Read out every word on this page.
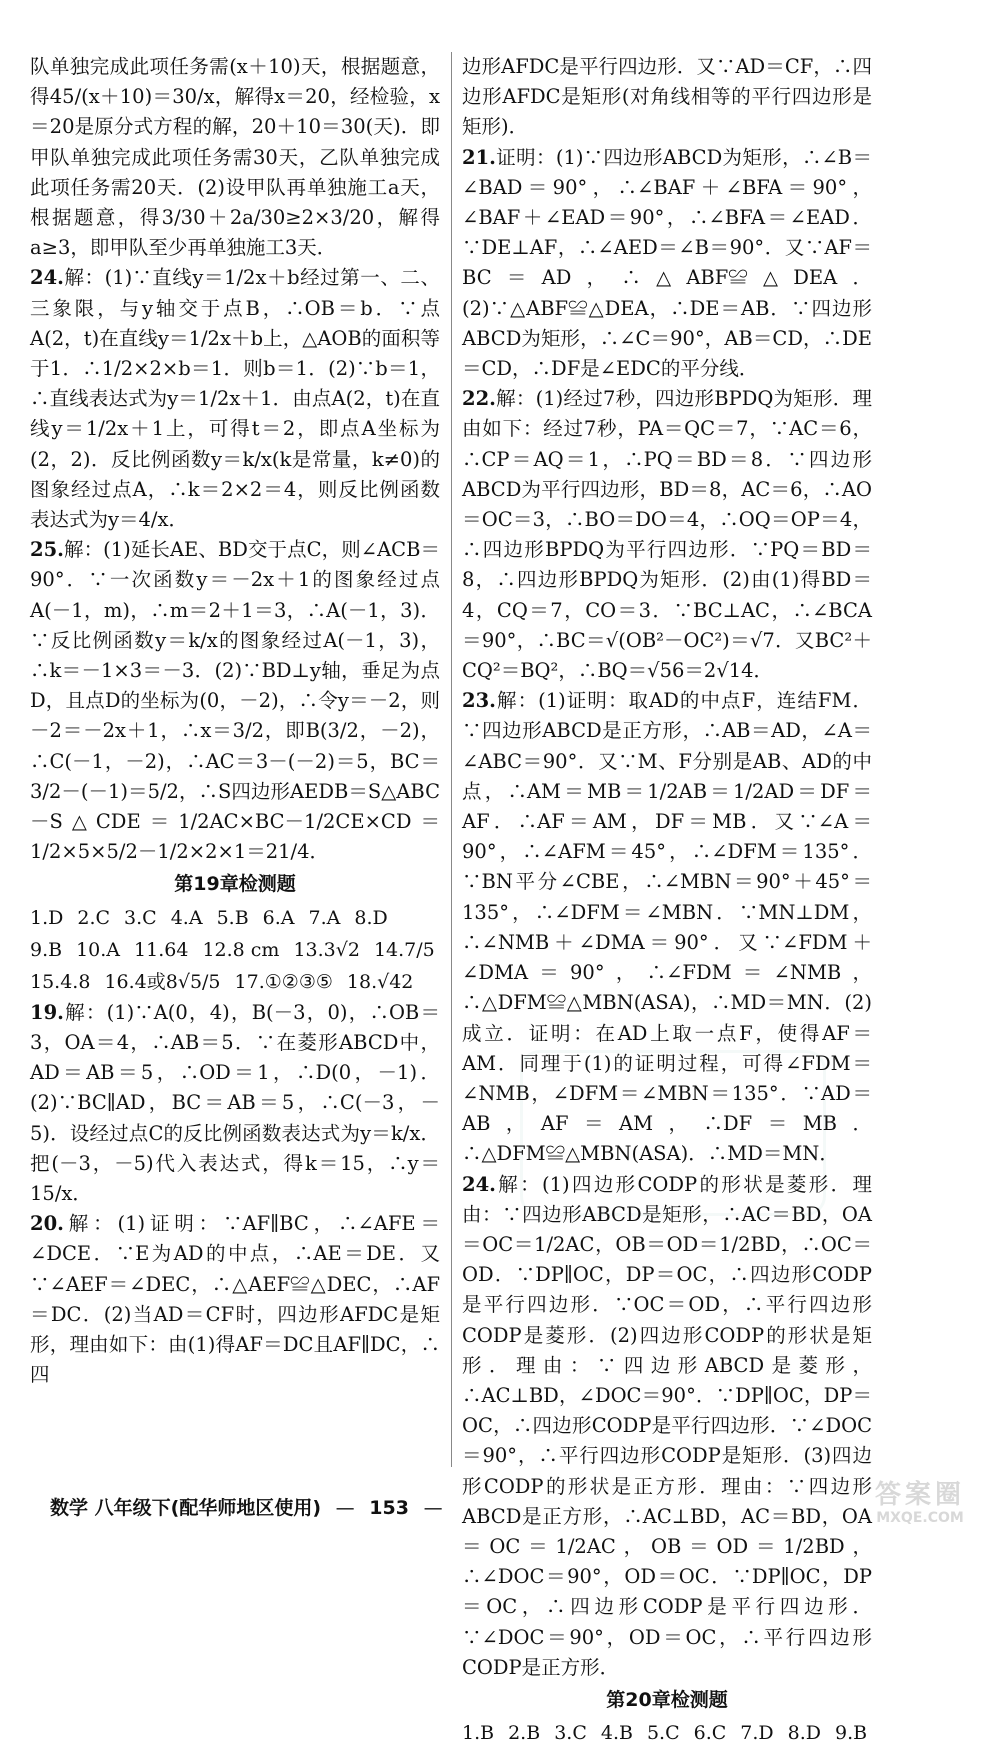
队单独完成此项任务需(x＋10)天，根据题意，得45/(x＋10)＝30/x，解得x＝20，经检验，x＝20是原分式方程的解，20＋10＝30(天)．即甲队单独完成此项任务需30天，乙队单独完成此项任务需20天．(2)设甲队再单独施工a天，根据题意，得3/30＋2a/30≥2×3/20，解得a≥3，即甲队至少再单独施工3天．

24.解：(1)∵直线y＝1/2x＋b经过第一、二、三象限，与y轴交于点B，∴OB＝b．∵点A(2，t)在直线y＝1/2x＋b上，△AOB的面积等于1．∴1/2×2×b＝1．则b＝1．(2)∵b＝1，∴直线表达式为y＝1/2x＋1．由点A(2，t)在直线y＝1/2x＋1上，可得t＝2，即点A坐标为(2，2)．反比例函数y＝k/x(k是常量，k≠0)的图象经过点A，∴k＝2×2＝4，则反比例函数表达式为y＝4/x．

25.解：(1)延长AE、BD交于点C，则∠ACB＝90°．∵一次函数y＝－2x＋1的图象经过点A(－1，m)，∴m＝2＋1＝3，∴A(－1，3)．∵反比例函数y＝k/x的图象经过A(－1，3)，∴k＝－1×3＝－3．(2)∵BD⊥y轴，垂足为点D，且点D的坐标为(0，－2)，∴令y＝－2，则－2＝－2x＋1，∴x＝3/2，即B(3/2，－2)，∴C(－1，－2)，∴AC＝3－(－2)＝5，BC＝3/2－(－1)＝5/2，∴S四边形AEDB＝S△ABC－S△CDE＝1/2AC×BC－1/2CE×CD＝1/2×5×5/2－1/2×2×1＝21/4．

第19章检测题
1.D 2.C 3.C 4.A 5.B 6.A 7.A 8.D
9.B 10.A 11.64 12.8 cm 13.3√2 14.7/5
15.4.8 16.4或8√5/5 17.①②③⑤ 18.√42

19.解：(1)∵A(0，4)，B(－3，0)，∴OB＝3，OA＝4，∴AB＝5．∵在菱形ABCD中，AD＝AB＝5，∴OD＝1，∴D(0，－1)．(2)∵BC∥AD，BC＝AB＝5，∴C(－3，－5)．设经过点C的反比例函数表达式为y＝k/x．把(－3，－5)代入表达式，得k＝15，∴y＝15/x．

20.解：(1)证明：∵AF∥BC，∴∠AFE＝∠DCE．∵E为AD的中点，∴AE＝DE．又∵∠AEF＝∠DEC，∴△AEF≌△DEC，∴AF＝DC．(2)当AD＝CF时，四边形AFDC是矩形，理由如下：由(1)得AF＝DC且AF∥DC，∴四

边形AFDC是平行四边形．又∵AD＝CF，∴四边形AFDC是矩形(对角线相等的平行四边形是矩形)．

21.证明：(1)∵四边形ABCD为矩形，∴∠B＝∠BAD＝90°，∴∠BAF＋∠BFA＝90°，∠BAF＋∠EAD＝90°，∴∠BFA＝∠EAD．∵DE⊥AF，∴∠AED＝∠B＝90°．又∵AF＝BC＝AD，∴△ABF≌△DEA．(2)∵△ABF≌△DEA，∴DE＝AB．∵四边形ABCD为矩形，∴∠C＝90°，AB＝CD，∴DE＝CD，∴DF是∠EDC的平分线．

22.解：(1)经过7秒，四边形BPDQ为矩形．理由如下：经过7秒，PA＝QC＝7，∵AC＝6，∴CP＝AQ＝1，∴PQ＝BD＝8．∵四边形ABCD为平行四边形，BD＝8，AC＝6，∴AO＝OC＝3，∴BO＝DO＝4，∴OQ＝OP＝4，∴四边形BPDQ为平行四边形．∵PQ＝BD＝8，∴四边形BPDQ为矩形．(2)由(1)得BD＝4，CQ＝7，CO＝3．∵BC⊥AC，∴∠BCA＝90°，∴BC＝√(OB²－OC²)＝√7．又BC²＋CQ²＝BQ²，∴BQ＝√56＝2√14．

23.解：(1)证明：取AD的中点F，连结FM．∵四边形ABCD是正方形，∴AB＝AD，∠A＝∠ABC＝90°．又∵M、F分别是AB、AD的中点，∴AM＝MB＝1/2AB＝1/2AD＝DF＝AF．∴AF＝AM，DF＝MB．又∵∠A＝90°，∴∠AFM＝45°，∴∠DFM＝135°．∵BN平分∠CBE，∴∠MBN＝90°＋45°＝135°，∴∠DFM＝∠MBN．∵MN⊥DM，∴∠NMB＋∠DMA＝90°．又∵∠FDM＋∠DMA＝90°，∴∠FDM＝∠NMB，∴△DFM≌△MBN(ASA)，∴MD＝MN．(2)成立．证明：在AD上取一点F，使得AF＝AM．同理于(1)的证明过程，可得∠FDM＝∠NMB，∠DFM＝∠MBN＝135°．∵AD＝AB，AF＝AM，∴DF＝MB．∴△DFM≌△MBN(ASA)．∴MD＝MN．

24.解：(1)四边形CODP的形状是菱形．理由：∵四边形ABCD是矩形，∴AC＝BD，OA＝OC＝1/2AC，OB＝OD＝1/2BD，∴OC＝OD．∵DP∥OC，DP＝OC，∴四边形CODP是平行四边形．∵OC＝OD，∴平行四边形CODP是菱形．(2)四边形CODP的形状是矩形．理由：∵四边形ABCD是菱形，∴AC⊥BD，∠DOC＝90°．∵DP∥OC，DP＝OC，∴四边形CODP是平行四边形．∵∠DOC＝90°，∴平行四边形CODP是矩形．(3)四边形CODP的形状是正方形．理由：∵四边形ABCD是正方形，∴AC⊥BD，AC＝BD，OA＝OC＝1/2AC，OB＝OD＝1/2BD，∴∠DOC＝90°，OD＝OC．∵DP∥OC，DP＝OC，∴四边形CODP是平行四边形．∵∠DOC＝90°，OD＝OC，∴平行四边形CODP是正方形．

第20章检测题
1.B 2.B 3.C 4.B 5.C 6.C 7.D 8.D 9.B
数学 八年级下(配华师地区使用) — 153 —	答案圈
MXQE.COM
